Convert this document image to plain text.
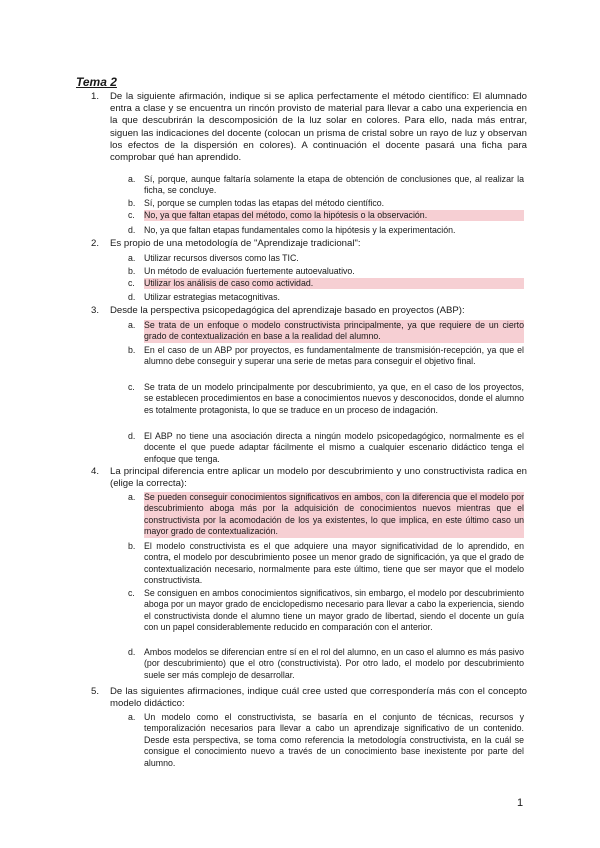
Tema 2
1. De la siguiente afirmación, indique si se aplica perfectamente el método científico: El alumnado entra a clase y se encuentra un rincón provisto de material para llevar a cabo una experiencia en la que descubrirán la descomposición de la luz solar en colores. Para ello, nada más entrar, siguen las indicaciones del docente (colocan un prisma de cristal sobre un rayo de luz y observan los efectos de la dispersión en colores). A continuación el docente pasará una ficha para comprobar qué han aprendido.
a. Sí, porque, aunque faltaría solamente la etapa de obtención de conclusiones que, al realizar la ficha, se concluye.
b. Sí, porque se cumplen todas las etapas del método científico.
c. No, ya que faltan etapas del método, como la hipótesis o la observación.
d. No, ya que faltan etapas fundamentales como la hipótesis y la experimentación.
2. Es propio de una metodología de "Aprendizaje tradicional":
a. Utilizar recursos diversos como las TIC.
b. Un método de evaluación fuertemente autoevaluativo.
c. Utilizar los análisis de caso como actividad.
d. Utilizar estrategias metacognitivas.
3. Desde la perspectiva psicopedagógica del aprendizaje basado en proyectos (ABP):
a. Se trata de un enfoque o modelo constructivista principalmente, ya que requiere de un cierto grado de contextualización en base a la realidad del alumno.
b. En el caso de un ABP por proyectos, es fundamentalmente de transmisión-recepción, ya que el alumno debe conseguir y superar una serie de metas para conseguir el objetivo final.
c. Se trata de un modelo principalmente por descubrimiento, ya que, en el caso de los proyectos, se establecen procedimientos en base a conocimientos nuevos y desconocidos, donde el alumno es totalmente protagonista, lo que se traduce en un proceso de indagación.
d. El ABP no tiene una asociación directa a ningún modelo psicopedagógico, normalmente es el docente el que puede adaptar fácilmente el mismo a cualquier escenario didáctico tenga el enfoque que tenga.
4. La principal diferencia entre aplicar un modelo por descubrimiento y uno constructivista radica en (elige la correcta):
a. Se pueden conseguir conocimientos significativos en ambos, con la diferencia que el modelo por descubrimiento aboga más por la adquisición de conocimientos nuevos mientras que el constructivista por la acomodación de los ya existentes, lo que implica, en este último caso un mayor grado de contextualización.
b. El modelo constructivista es el que adquiere una mayor significatividad de lo aprendido, en contra, el modelo por descubrimiento posee un menor grado de significación, ya que el grado de contextualización necesario, normalmente para este último, tiene que ser mayor que el modelo constructivista.
c. Se consiguen en ambos conocimientos significativos, sin embargo, el modelo por descubrimiento aboga por un mayor grado de enciclopedismo necesario para llevar a cabo la experiencia, siendo el constructivista donde el alumno tiene un mayor grado de libertad, siendo el docente un guía con un papel considerablemente reducido en comparación con el anterior.
d. Ambos modelos se diferencian entre sí en el rol del alumno, en un caso el alumno es más pasivo (por descubrimiento) que el otro (constructivista). Por otro lado, el modelo por descubrimiento suele ser más complejo de desarrollar.
5. De las siguientes afirmaciones, indique cuál cree usted que correspondería más con el concepto modelo didáctico:
a. Un modelo como el constructivista, se basaría en el conjunto de técnicas, recursos y temporalización necesarios para llevar a cabo un aprendizaje significativo de un contenido. Desde esta perspectiva, se toma como referencia la metodología constructivista, en la cuál se consigue el conocimiento nuevo a través de un conocimiento base inexistente por parte del alumno.
1
